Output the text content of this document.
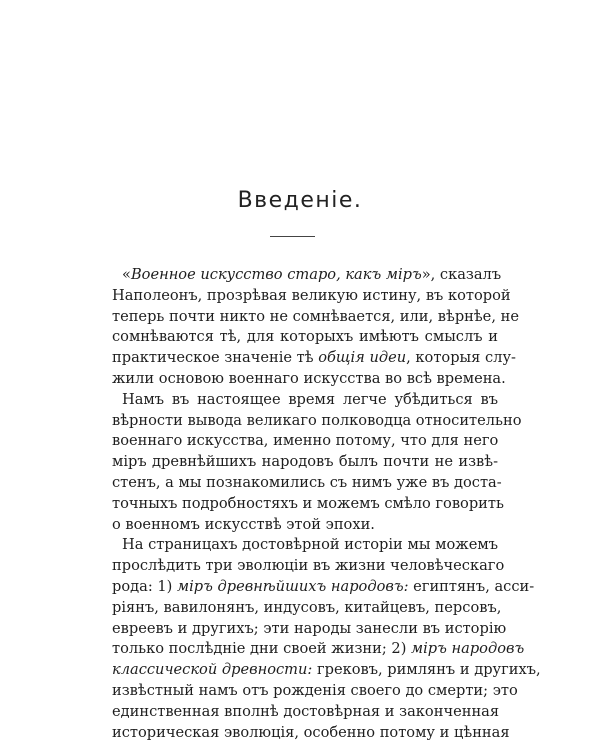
Введенiе.
«Военное искусство старо, какъ мiръ», сказалъ
Наполеонъ, прозрѣвая великую истину, въ которой
теперь почти никто не сомнѣвается, или, вѣрнѣе, не
сомнѣваются тѣ, для которыхъ имѣютъ смыслъ и
практическое значенiе тѣ общiя идеи, которыя слу-
жили основою военнаго искусства во всѣ времена.
Намъ въ настоящее время легче убѣдиться въ
вѣрности вывода великаго полководца относительно
военнаго искусства, именно потому, что для него
мiръ древнѣйшихъ народовъ былъ почти не извѣ-
стенъ, а мы познакомились съ нимъ уже въ доста-
точныхъ подробностяхъ и можемъ смѣло говорить
о военномъ искусствѣ этой эпохи.
На страницахъ достовѣрной исторiи мы можемъ
прослѣдить три эволюцiи въ жизни человѣческаго
рода: 1) мiръ древнѣйшихъ народовъ: египтянъ, асси-
рiянъ, вавилонянъ, индусовъ, китайцевъ, персовъ,
евреевъ и другихъ; эти народы занесли въ исторiю
только послѣднiе дни своей жизни; 2) мiръ народовъ
классической древности: грековъ, римлянъ и другихъ,
извѣстный намъ отъ рожденiя своего до смерти; это
единственная вполнѣ достовѣрная и законченная
историческая эволюцiя, особенно потому и цѣнная
